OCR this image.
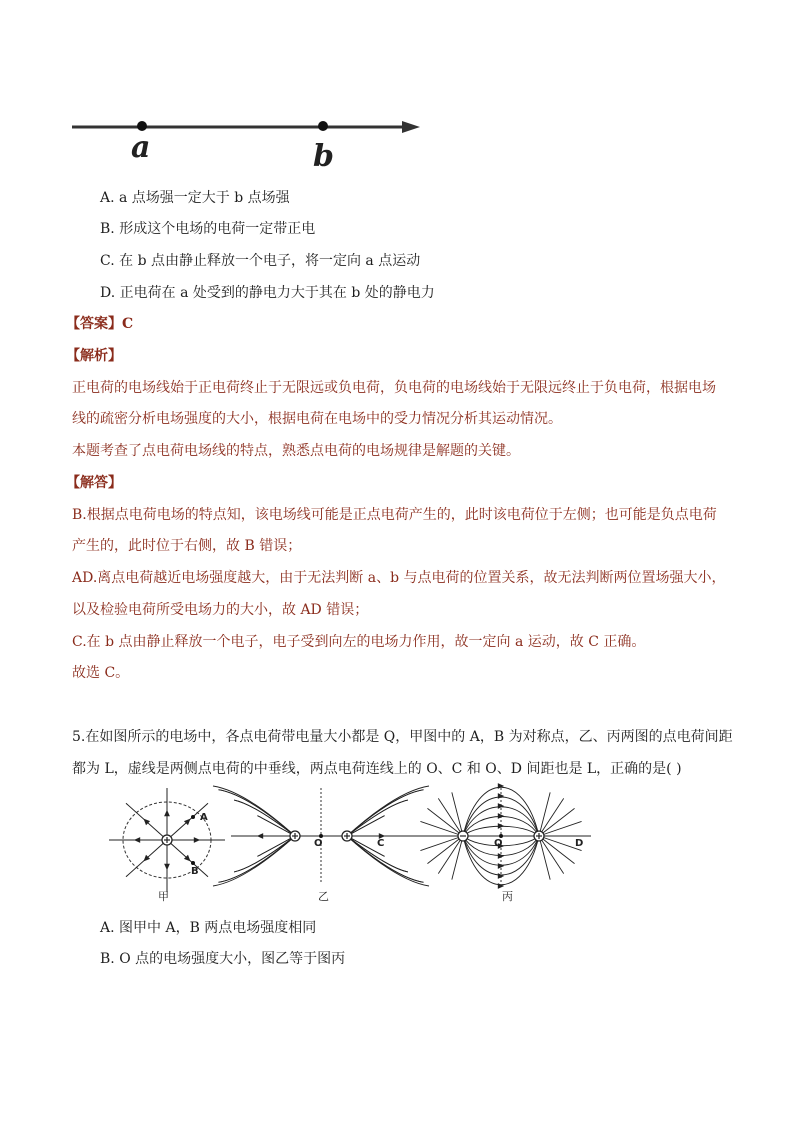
a	b
A. a 点场强一定大于 b 点场强
B. 形成这个电场的电荷一定带正电
C. 在 b 点由静止释放一个电子，将一定向 a 点运动
D. 正电荷在 a 处受到的静电力大于其在 b 处的静电力
【答案】C
【解析】
正电荷的电场线始于正电荷终止于无限远或负电荷，负电荷的电场线始于无限远终止于负电荷，根据电场
线的疏密分析电场强度的大小，根据电荷在电场中的受力情况分析其运动情况。
本题考查了点电荷电场线的特点，熟悉点电荷的电场规律是解题的关键。
【解答】
B.根据点电荷电场的特点知，该电场线可能是正点电荷产生的，此时该电荷位于左侧；也可能是负点电荷
产生的，此时位于右侧，故 B 错误；
AD.离点电荷越近电场强度越大，由于无法判断 a、b 与点电荷的位置关系，故无法判断两位置场强大小，
以及检验电荷所受电场力的大小，故 AD 错误；
C.在 b 点由静止释放一个电子，电子受到向左的电场力作用，故一定向 a 运动，故 C 正确。
故选 C。
5.在如图所示的电场中，各点电荷带电量大小都是 Q，甲图中的 A，B 为对称点，乙、丙两图的点电荷间距
都为 L，虚线是两侧点电荷的中垂线，两点电荷连线上的 O、C 和 O、D 间距也是 L，正确的是( )
甲	乙	丙
A
B
O	C	O	D
A. 图甲中 A，B 两点电场强度相同
B. O 点的电场强度大小，图乙等于图丙
